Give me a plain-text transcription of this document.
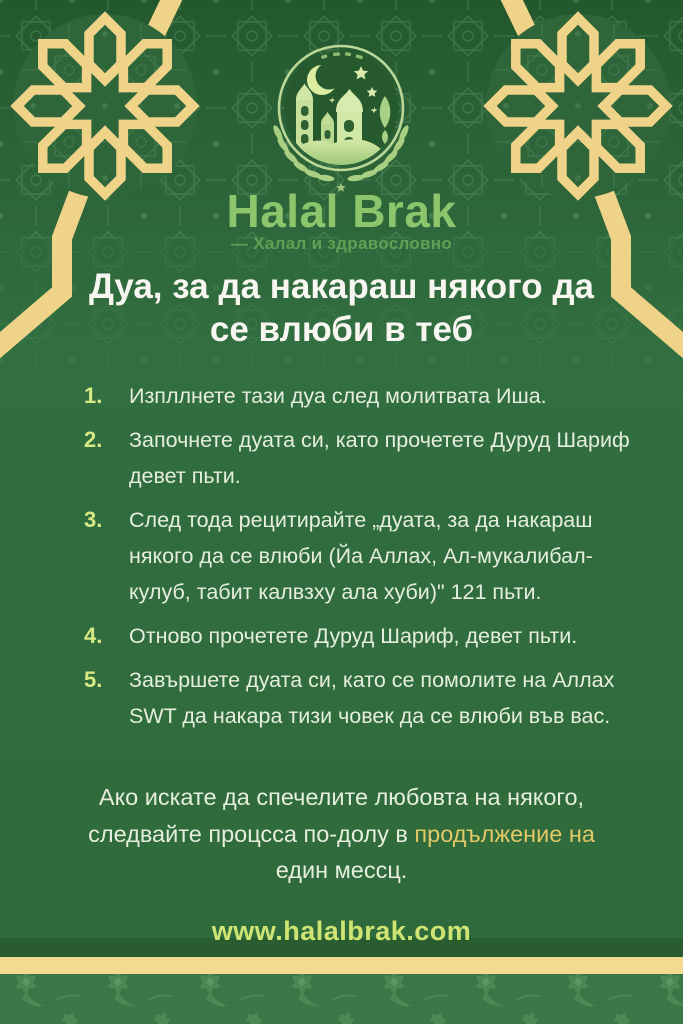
Halal Brak
— Халал и здравословно
Дуа, за да накараш някого да се влюби в теб
1.	Изпллнете тази дуа след молитвата Иша.
2.	Започнете дуата си, като прочетете Дуруд Шариф девет пьти.
3.	След тода рецитирайте „дуата, за да накараш някого да се влюби (Йа Аллах, Ал-мукалибал-кулуб, табит калвзху ала хуби)" 121 пьти.
4.	Отново прочетете Дуруд Шариф, девет пьти.
5.	Завършете дуата си, като се помолите на Аллах SWT да накара тизи човек да се влюби във вас.
Ако искате да спечелите любовта на някого, следвайте процсса по-долу в продължение на един мессц.
www.halalbrak.com
